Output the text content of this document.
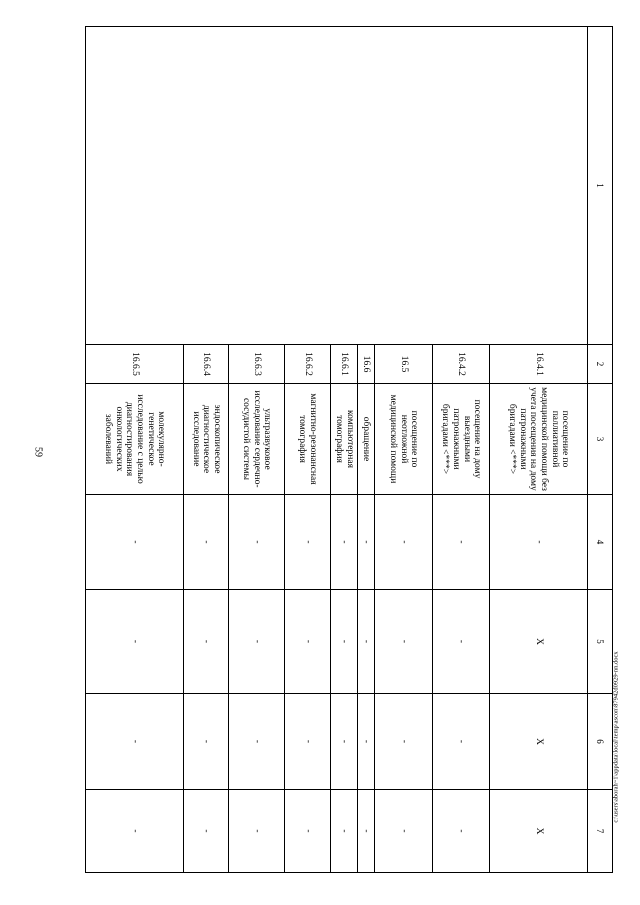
59
1	2	3	4	5	6	7
	16.4.1	посещение по паллиативной медицинской помощи без учета посещения на дому патронажными бригадами <***>	-	X	X	X
	16.4.2	посещение на дому выездными патронажными бригадами <***>	-	-	-	-
	16.5	посещение по неотложной медицинской помощи	-	-	-	-
	16.6	обращение	-	-	-	-
	16.6.1	компьютерная томография	-	-	-	-
	16.6.2	магнитно-резонансная томография	-	-	-	-
	16.6.3	ультразвуковое исследование сердечно-сосудистой системы	-	-	-	-
	16.6.4	эндоскопическое диагностическое исследование	-	-	-	-
	16.6.5	молекулярно-генетическое исследование с целью диагностирования онкологических заболеваний	-	-	-	-
c:\users\aborah~1\appdata\local\temp\ascon\87942d0929-nn.docx
